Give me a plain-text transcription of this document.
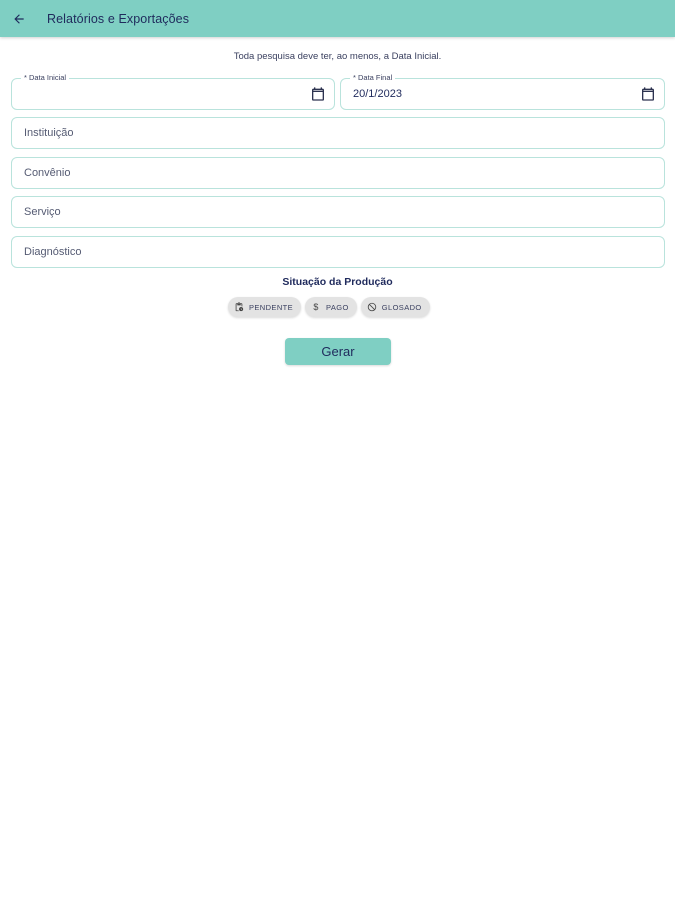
Relatórios e Exportações
Toda pesquisa deve ter, ao menos, a Data Inicial.
* Data Inicial	* Data Final
20/1/2023
Instituição
Convênio
Serviço
Diagnóstico
Situação da Produção
PENDENTE $ PAGO	GLOSADO
Gerar
